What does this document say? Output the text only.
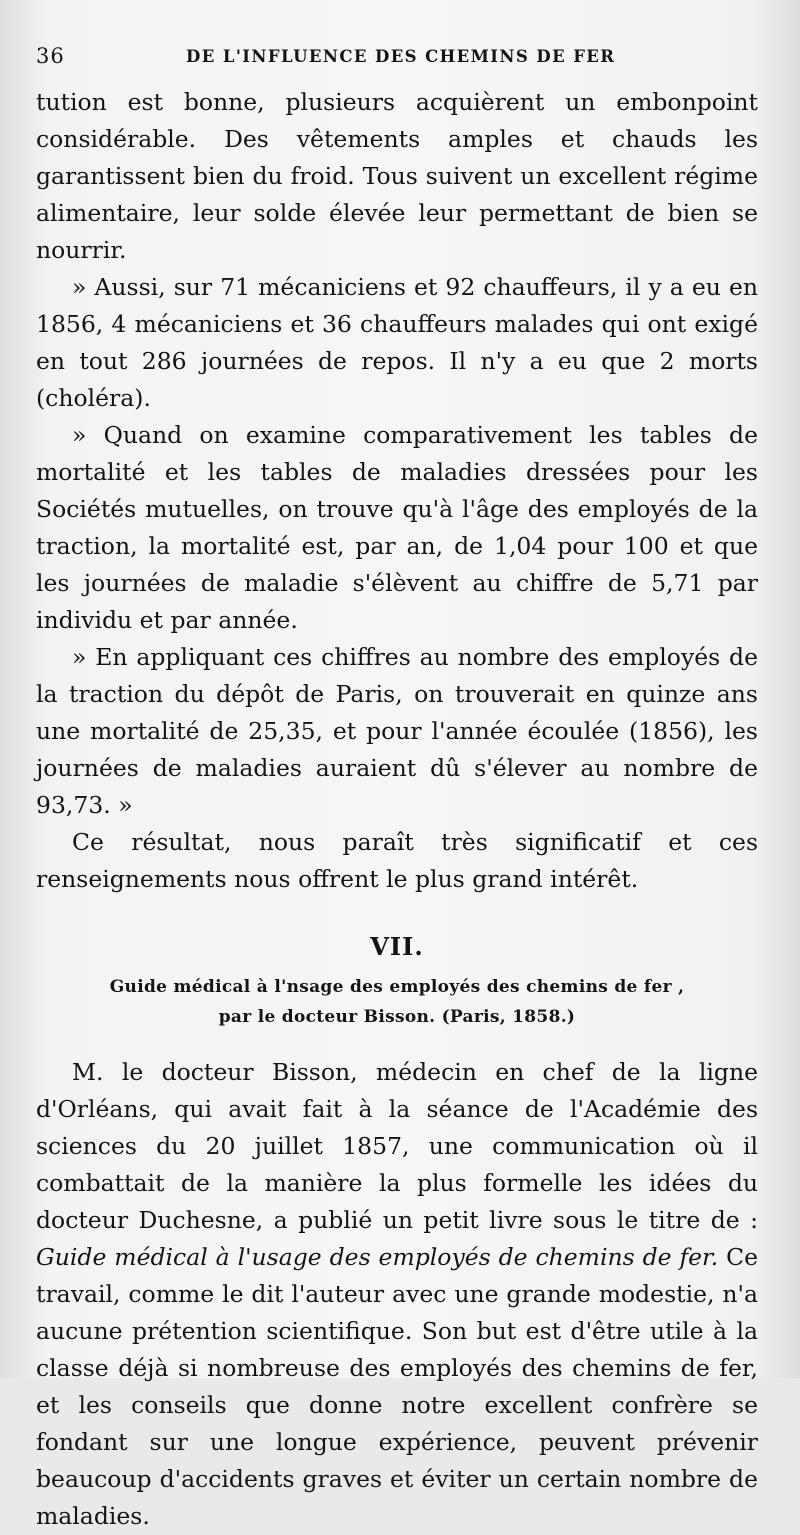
36	DE L'INFLUENCE DES CHEMINS DE FER

tution est bonne, plusieurs acquièrent un embonpoint considérable. Des vêtements amples et chauds les garantissent bien du froid. Tous suivent un excellent régime alimentaire, leur solde élevée leur permettant de bien se nourrir.

» Aussi, sur 71 mécaniciens et 92 chauffeurs, il y a eu en 1856, 4 mécaniciens et 36 chauffeurs malades qui ont exigé en tout 286 journées de repos. Il n'y a eu que 2 morts (choléra).

» Quand on examine comparativement les tables de mortalité et les tables de maladies dressées pour les Sociétés mutuelles, on trouve qu'à l'âge des employés de la traction, la mortalité est, par an, de 1,04 pour 100 et que les journées de maladie s'élèvent au chiffre de 5,71 par individu et par année.

» En appliquant ces chiffres au nombre des employés de la traction du dépôt de Paris, on trouverait en quinze ans une mortalité de 25,35, et pour l'année écoulée (1856), les journées de maladies auraient dû s'élever au nombre de 93,73. »

Ce résultat, nous paraît très significatif et ces renseignements nous offrent le plus grand intérêt.

VII.
Guide médical à l'nsage des employés des chemins de fer ,
par le docteur Bisson. (Paris, 1858.)

M. le docteur Bisson, médecin en chef de la ligne d'Orléans, qui avait fait à la séance de l'Académie des sciences du 20 juillet 1857, une communication où il combattait de la manière la plus formelle les idées du docteur Duchesne, a publié un petit livre sous le titre de : Guide médical à l'usage des employés de chemins de fer. Ce travail, comme le dit l'auteur avec une grande modestie, n'a aucune prétention scientifique. Son but est d'être utile à la classe déjà si nombreuse des employés des chemins de fer, et les conseils que donne notre excellent confrère se fondant sur une longue expérience, peuvent prévenir beaucoup d'accidents graves et éviter un certain nombre de maladies.
